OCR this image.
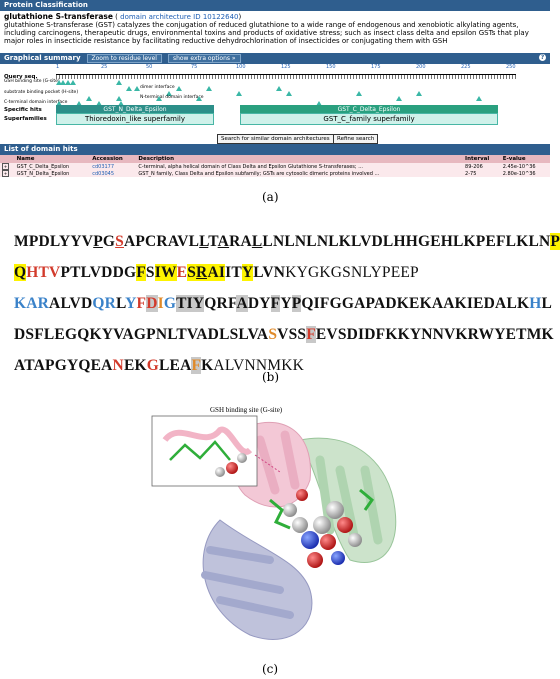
Protein Classification
glutathione S-transferase ( domain architecture ID 10122640)
glutathione S-transferase (GST) catalyzes the conjugation of reduced glutathione to a wide range of endogenous and xenobiotic alkylating agents, including carcinogens, therapeutic drugs, environmental toxins and products of oxidative stress; such as insect class delta and epsilon GSTs that play major roles in insecticide resistance by facilitating reductive dehydrochlorination of insecticides or conjugating them with GSH
Graphical summary	Zoom to residue level	show extra options »	?
Query seq.
1	25	50	75	100	125	150	175	200	225	250
GSH binding site (G-site)
dimer interface
substrate binding pocket (H-site)
N-terminal domain interface
C-terminal domain interface
Specific hits	GST_N_Delta_Epsilon	GST_C_Delta_Epsilon
Superfamilies	Thioredoxin_like superfamily	GST_C_family superfamily
Search for similar domain architectures	Refine search
List of domain hits
	Name	Accession	Description	Interval	E-value
+	GST_C_Delta_Epsilon	cd03177	C-terminal, alpha helical domain of Class Delta and Epsilon Glutathione S-transferases; ...	89-206	2.45e-10^36
+	GST_N_Delta_Epsilon	cd03045	GST_N family, Class Delta and Epsilon subfamily; GSTs are cytosolic dimeric proteins involved ...	2-75	2.80e-10^36
(a)
MPDLYYVPGSAPCRAVLLTARALLNLNLNLKLVDLHHGEHLKPEFLKLNP
QHTVPTLVDDGFSIWESRAIITYLVNKYGKGSNLYPEEP
KARALVDQRLYFDIGTIYQRFADYFYPQIFGGAPADKEKAAKIEDALKHL
DSFLEGQKYVAGPNLTVADLSLVASVSSFEVSDIDFKKYNNVKRWYETMK
ATAPGYQEANEKGLEAFKALVNNMKK
(b)
GSH binding site (G-site)
(c)
